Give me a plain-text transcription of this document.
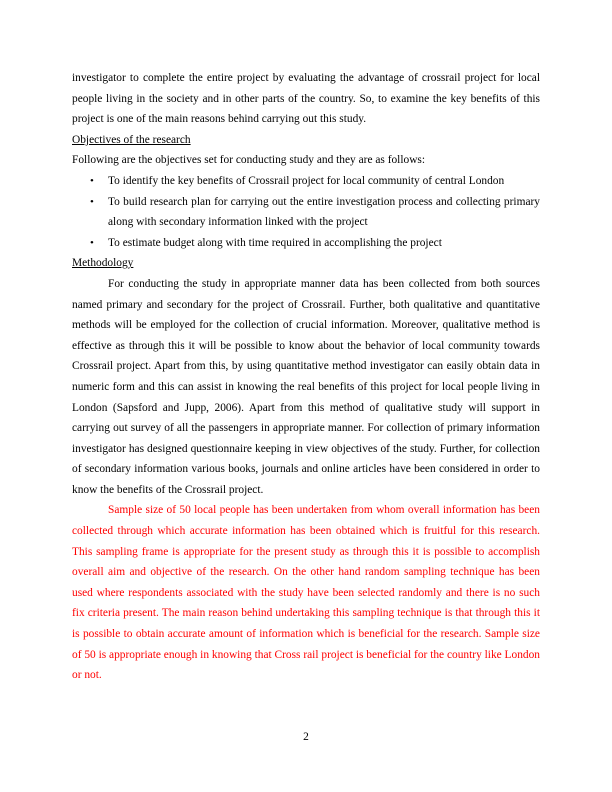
investigator to complete the entire project by evaluating the advantage of crossrail project for local people living in the society and in other parts of the country. So, to examine the key benefits of this project is one of the main reasons behind carrying out this study.

Objectives of the research

Following are the objectives set for conducting study and they are as follows:

• To identify the key benefits of Crossrail project for local community of central London
• To build research plan for carrying out the entire investigation process and collecting primary along with secondary information linked with the project
• To estimate budget along with time required in accomplishing the project

Methodology

For conducting the study in appropriate manner data has been collected from both sources named primary and secondary for the project of Crossrail. Further, both qualitative and quantitative methods will be employed for the collection of crucial information. Moreover, qualitative method is effective as through this it will be possible to know about the behavior of local community towards Crossrail project. Apart from this, by using quantitative method investigator can easily obtain data in numeric form and this can assist in knowing the real benefits of this project for local people living in London (Sapsford and Jupp, 2006). Apart from this method of qualitative study will support in carrying out survey of all the passengers in appropriate manner. For collection of primary information investigator has designed questionnaire keeping in view objectives of the study. Further, for collection of secondary information various books, journals and online articles have been considered in order to know the benefits of the Crossrail project.

Sample size of 50 local people has been undertaken from whom overall information has been collected through which accurate information has been obtained which is fruitful for this research. This sampling frame is appropriate for the present study as through this it is possible to accomplish overall aim and objective of the research. On the other hand random sampling technique has been used where respondents associated with the study have been selected randomly and there is no such fix criteria present. The main reason behind undertaking this sampling technique is that through this it is possible to obtain accurate amount of information which is beneficial for the research. Sample size of 50 is appropriate enough in knowing that Cross rail project is beneficial for the country like London or not.

2
